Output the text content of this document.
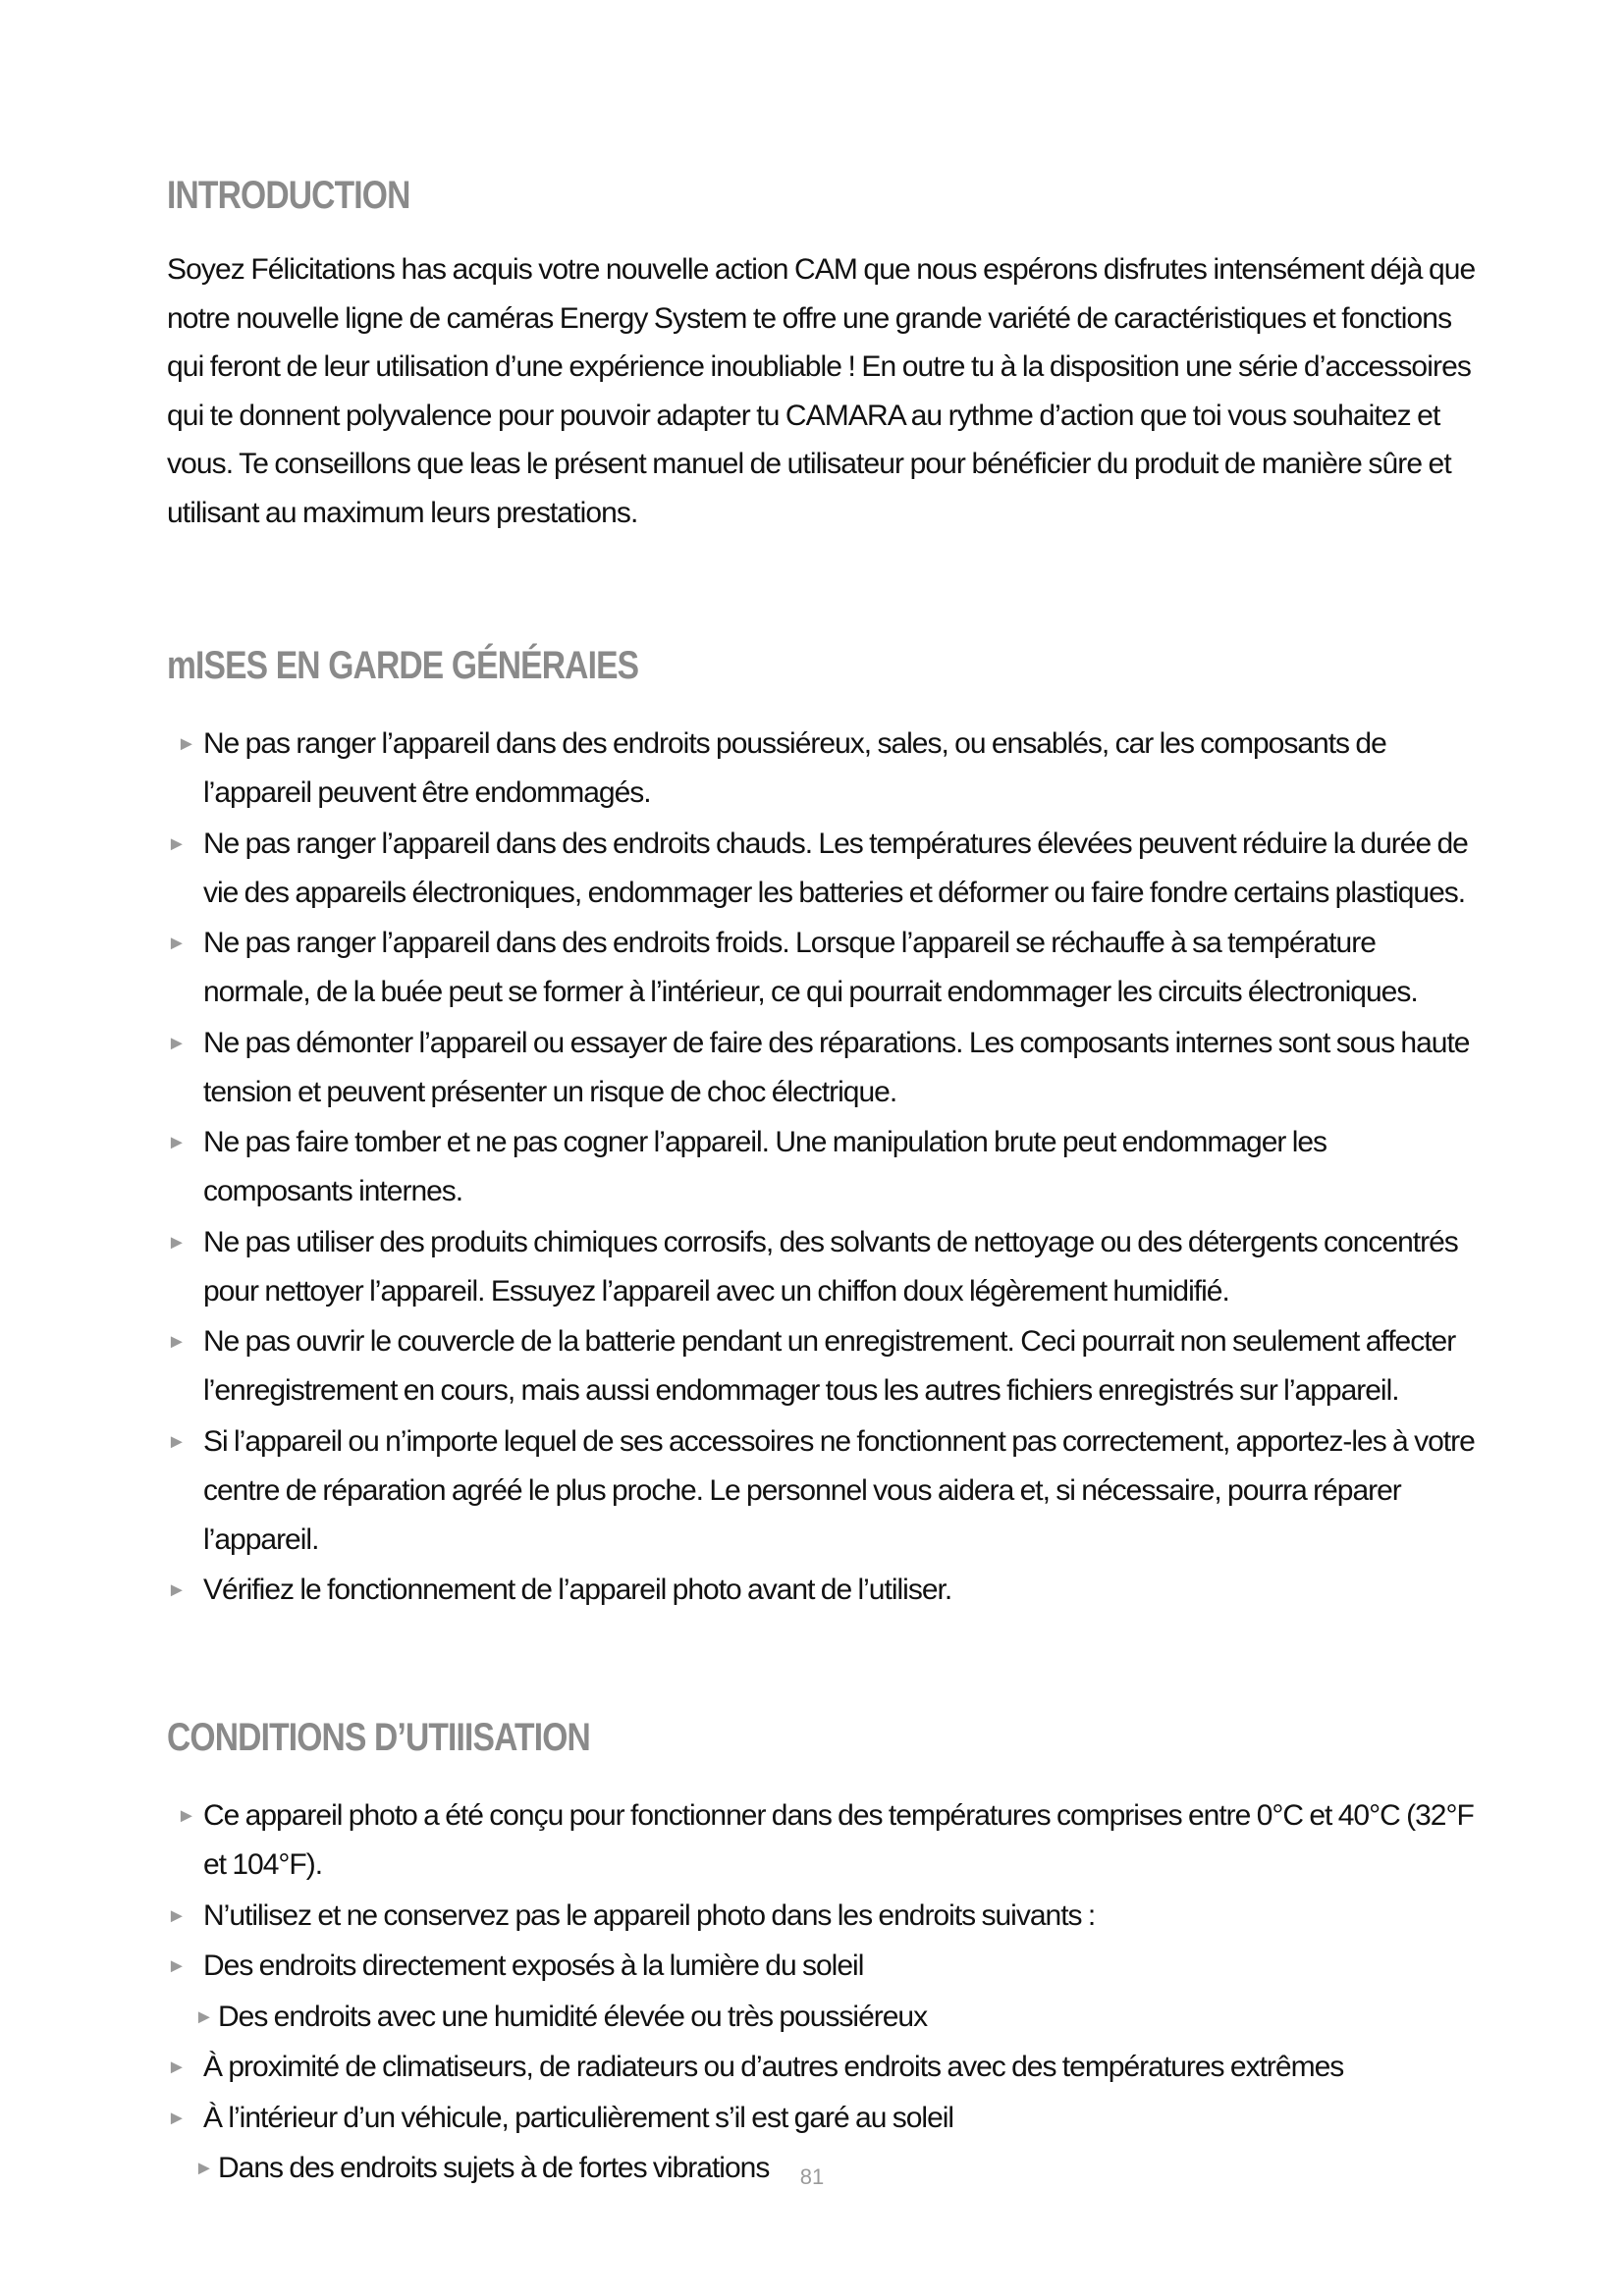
INTRODUCTION

Soyez Félicitations has acquis votre nouvelle action CAM que nous espérons disfrutes intensément déjà que notre nouvelle ligne de caméras Energy System te offre une grande variété de caractéristiques et fonctions qui feront de leur utilisation d’une expérience inoubliable ! En outre tu à la disposition une série d’accessoires qui te donnent polyvalence pour pouvoir adapter tu CAMARA au rythme d’action que toi vous souhaitez et vous. Te conseillons que leas le présent manuel de utilisateur pour bénéficier du produit de manière sûre et utilisant au maximum leurs prestations.

mISES EN GARDE GÉNÉRAIES
► Ne pas ranger l’appareil dans des endroits poussiéreux, sales, ou ensablés, car les composants de l’appareil peuvent être endommagés.
► Ne pas ranger l’appareil dans des endroits chauds. Les températures élevées peuvent réduire la durée de vie des appareils électroniques, endommager les batteries et déformer ou faire fondre certains plastiques.
► Ne pas ranger l’appareil dans des endroits froids. Lorsque l’appareil se réchauffe à sa température normale, de la buée peut se former à l’intérieur, ce qui pourrait endommager les circuits électroniques.
► Ne pas démonter l’appareil ou essayer de faire des réparations. Les composants internes sont sous haute tension et peuvent présenter un risque de choc électrique.
► Ne pas faire tomber et ne pas cogner l’appareil. Une manipulation brute peut endommager les composants internes.
► Ne pas utiliser des produits chimiques corrosifs, des solvants de nettoyage ou des détergents concentrés pour nettoyer l’appareil. Essuyez l’appareil avec un chiffon doux légèrement humidifié.
► Ne pas ouvrir le couvercle de la batterie pendant un enregistrement. Ceci pourrait non seulement affecter l’enregistrement en cours, mais aussi endommager tous les autres fichiers enregistrés sur l’appareil.
► Si l’appareil ou n’importe lequel de ses accessoires ne fonctionnent pas correctement, apportez-les à votre centre de réparation agréé le plus proche. Le personnel vous aidera et, si nécessaire, pourra réparer l’appareil.
► Vérifiez le fonctionnement de l’appareil photo avant de l’utiliser.
CONDITIONS D’UTIIISATION
► Ce appareil photo a été conçu pour fonctionner dans des températures comprises entre 0°C et 40°C (32°F et 104°F).
► N’utilisez et ne conservez pas le appareil photo dans les endroits suivants :
► Des endroits directement exposés à la lumière du soleil
► Des endroits avec une humidité élevée ou très poussiéreux
► À proximité de climatiseurs, de radiateurs ou d’autres endroits avec des températures extrêmes
► À l’intérieur d’un véhicule, particulièrement s’il est garé au soleil
► Dans des endroits sujets à de fortes vibrations	81
